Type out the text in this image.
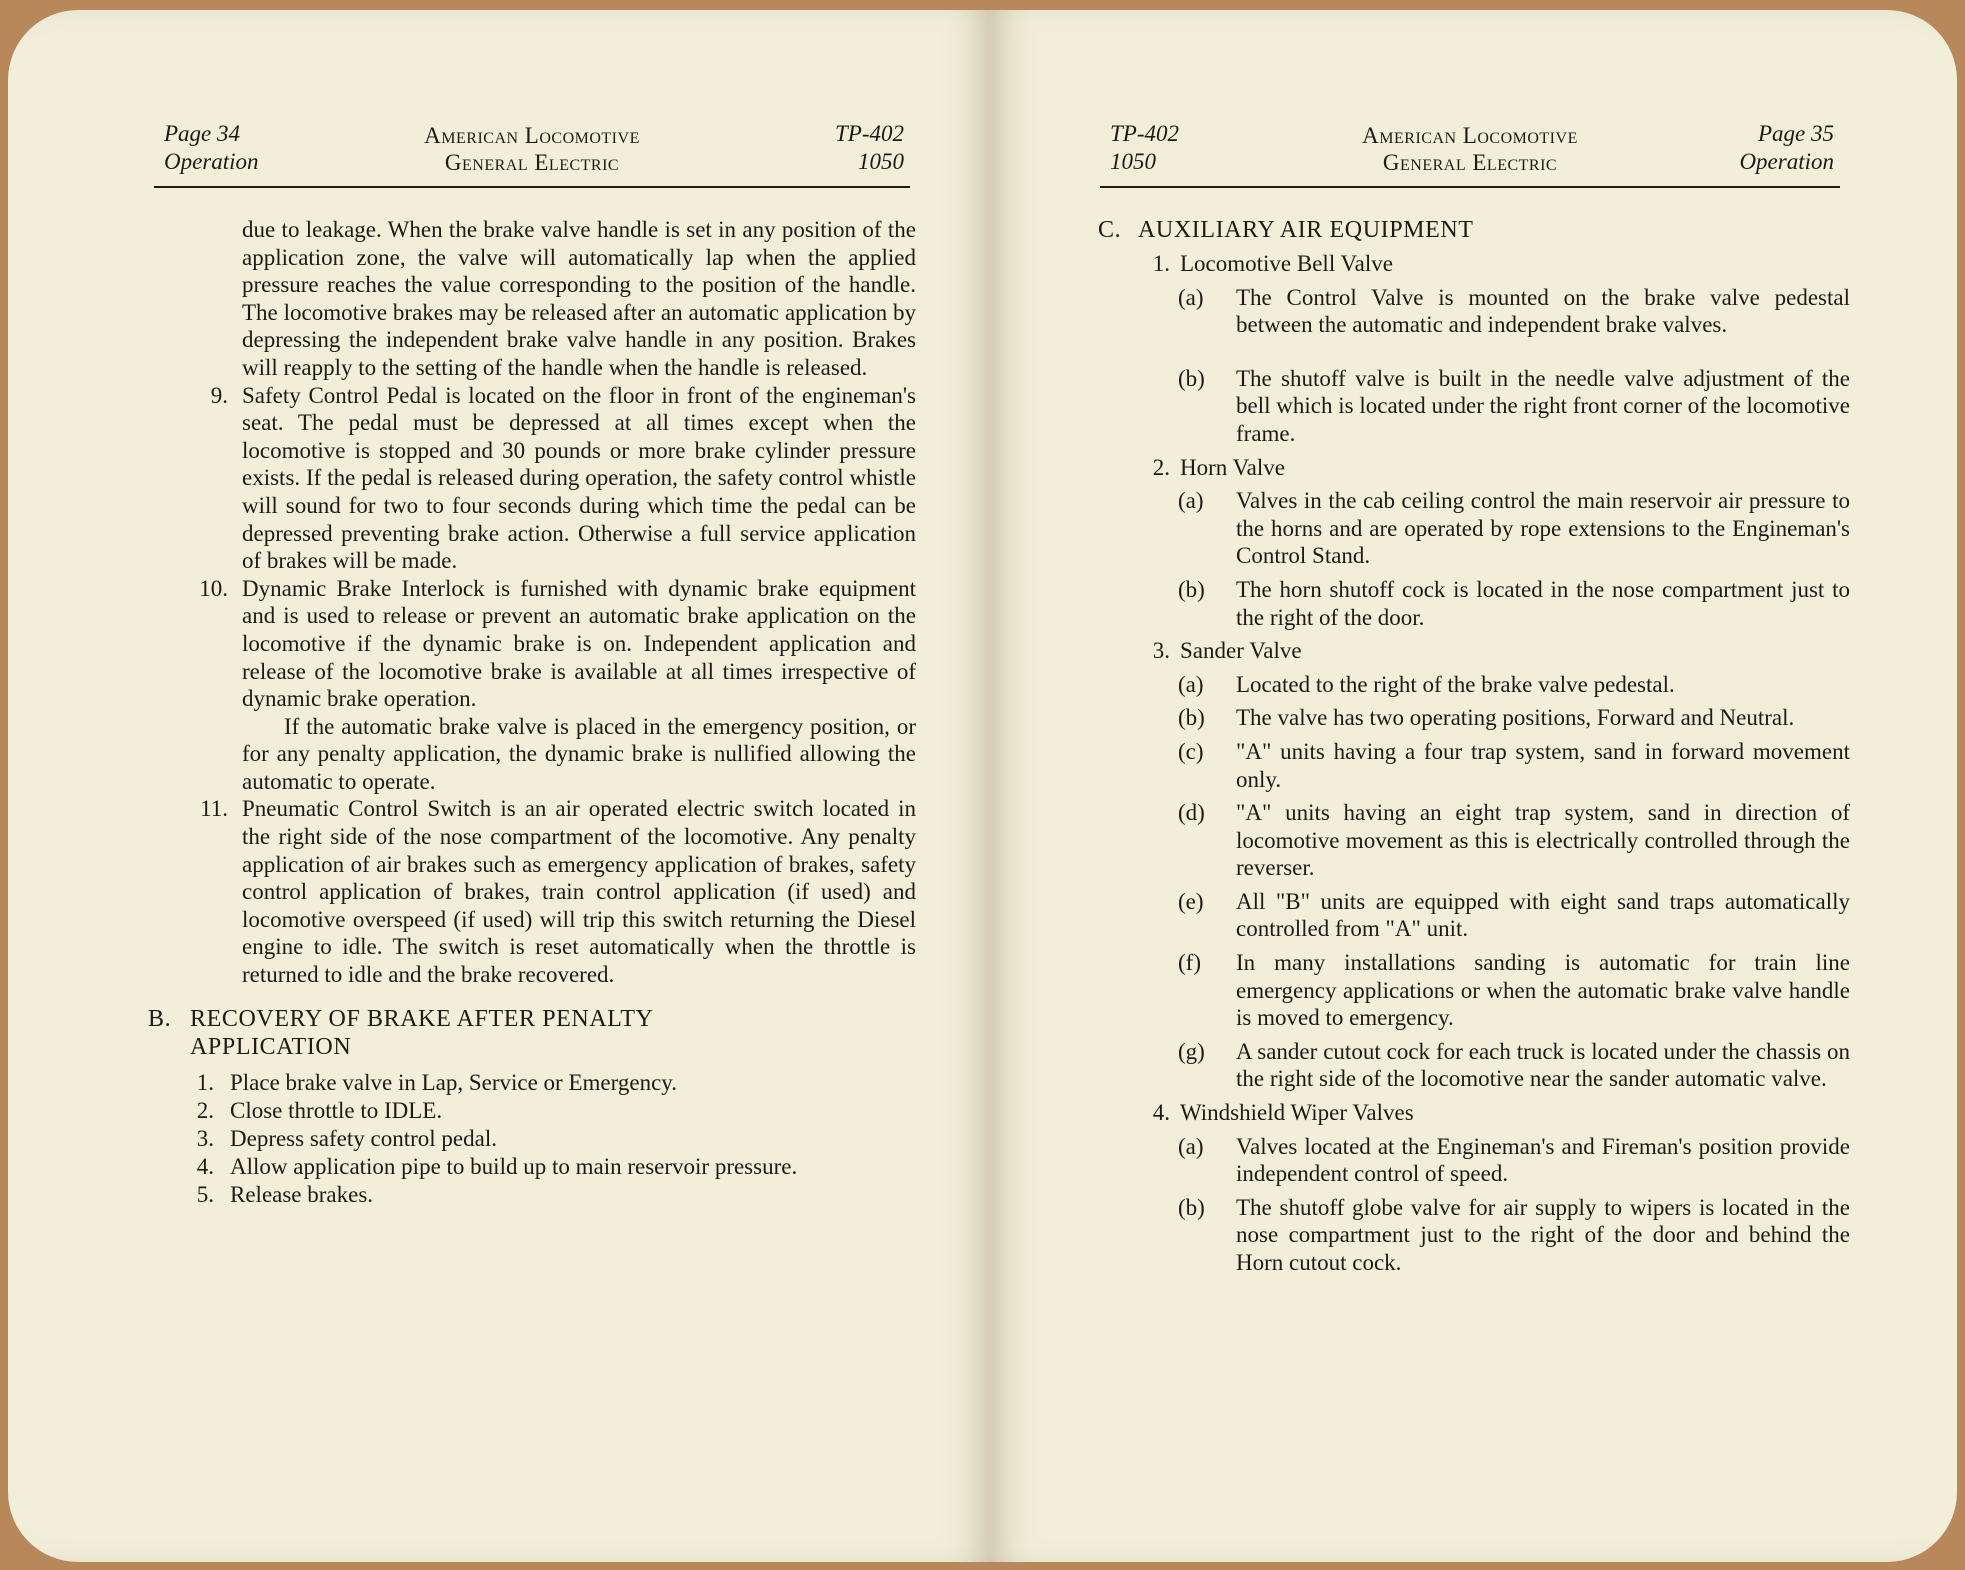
Page 34
Operation
American Locomotive
General Electric
TP-402
1050
due to leakage. When the brake valve handle is set in any position of the application zone, the valve will automatically lap when the applied pressure reaches the value corresponding to the position of the handle. The locomotive brakes may be released after an automatic application by depressing the independent brake valve handle in any position. Brakes will reapply to the setting of the handle when the handle is released.
9. Safety Control Pedal is located on the floor in front of the engineman's seat. The pedal must be depressed at all times except when the locomotive is stopped and 30 pounds or more brake cylinder pressure exists. If the pedal is released during operation, the safety control whistle will sound for two to four seconds during which time the pedal can be depressed preventing brake action. Otherwise a full service application of brakes will be made.
10. Dynamic Brake Interlock is furnished with dynamic brake equipment and is used to release or prevent an automatic brake application on the locomotive if the dynamic brake is on. Independent application and release of the locomotive brake is available at all times irrespective of dynamic brake operation.
If the automatic brake valve is placed in the emergency position, or for any penalty application, the dynamic brake is nullified allowing the automatic to operate.
11. Pneumatic Control Switch is an air operated electric switch located in the right side of the nose compartment of the locomotive. Any penalty application of air brakes such as emergency application of brakes, safety control application of brakes, train control application (if used) and locomotive overspeed (if used) will trip this switch returning the Diesel engine to idle. The switch is reset automatically when the throttle is returned to idle and the brake recovered.
B. RECOVERY OF BRAKE AFTER PENALTY
APPLICATION
1. Place brake valve in Lap, Service or Emergency.
2. Close throttle to IDLE.
3. Depress safety control pedal.
4. Allow application pipe to build up to main reservoir pressure.
5. Release brakes.
TP-402
1050
American Locomotive
General Electric
Page 35
Operation
C. AUXILIARY AIR EQUIPMENT
1. Locomotive Bell Valve
(a) The Control Valve is mounted on the brake valve pedestal between the automatic and independent brake valves.
(b) The shutoff valve is built in the needle valve adjustment of the bell which is located under the right front corner of the locomotive frame.
2. Horn Valve
(a) Valves in the cab ceiling control the main reservoir air pressure to the horns and are operated by rope extensions to the Engineman's Control Stand.
(b) The horn shutoff cock is located in the nose compartment just to the right of the door.
3. Sander Valve
(a) Located to the right of the brake valve pedestal.
(b) The valve has two operating positions, Forward and Neutral.
(c) "A" units having a four trap system, sand in forward movement only.
(d) "A" units having an eight trap system, sand in direction of locomotive movement as this is electrically controlled through the reverser.
(e) All "B" units are equipped with eight sand traps automatically controlled from "A" unit.
(f) In many installations sanding is automatic for train line emergency applications or when the automatic brake valve handle is moved to emergency.
(g) A sander cutout cock for each truck is located under the chassis on the right side of the locomotive near the sander automatic valve.
4. Windshield Wiper Valves
(a) Valves located at the Engineman's and Fireman's position provide independent control of speed.
(b) The shutoff globe valve for air supply to wipers is located in the nose compartment just to the right of the door and behind the Horn cutout cock.
